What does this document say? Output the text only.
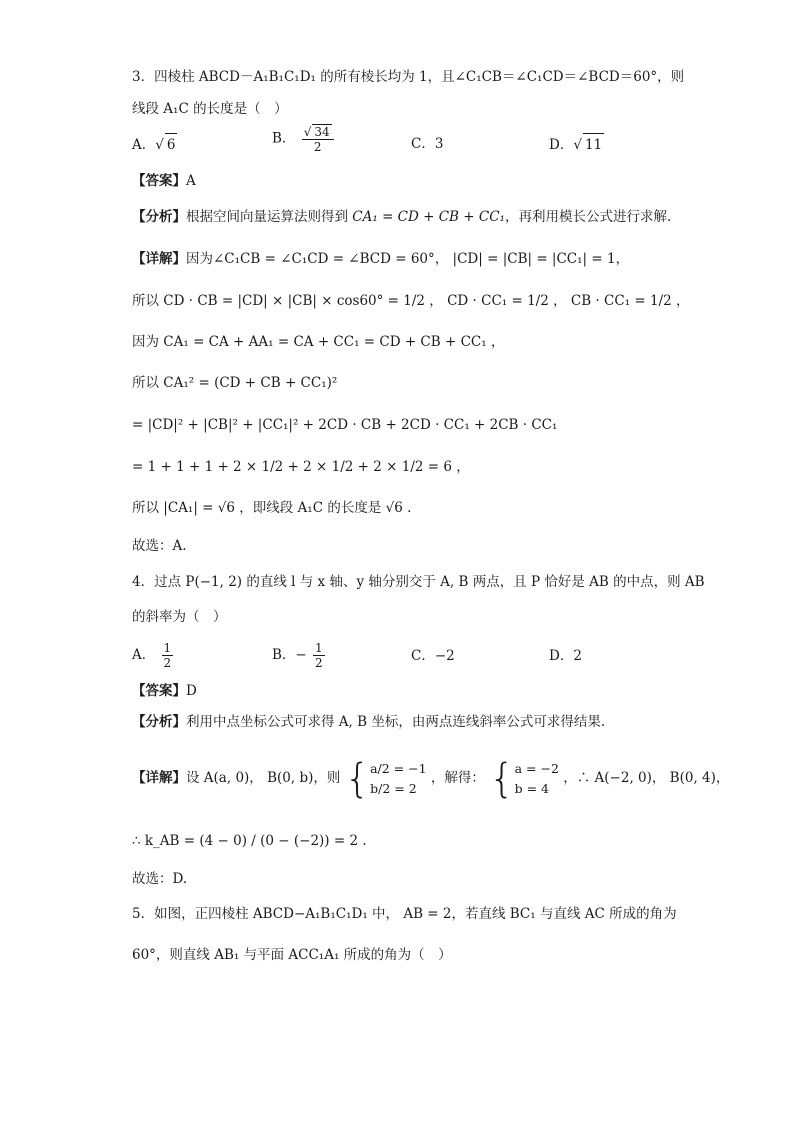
3．四棱柱 ABCD－A₁B₁C₁D₁ 的所有棱长均为 1，且∠C₁CB＝∠C₁CD＝∠BCD＝60°，则
线段 A₁C 的长度是（　）
A．√ 6	B． $\frac{√ 34}{2}$	C．3	D．√ 11
【答案】A
【分析】根据空间向量运算法则得到 CA₁ = CD + CB + CC₁，再利用模长公式进行求解.
【详解】因为∠C₁CB = ∠C₁CD = ∠BCD = 60°， |CD| = |CB| = |CC₁| = 1，
所以 CD · CB = |CD| × |CB| × cos60° = 1/2 ， CD · CC₁ = 1/2 ， CB · CC₁ = 1/2 ，
因为 CA₁ = CA + AA₁ = CA + CC₁ = CD + CB + CC₁ ，
所以 CA₁² = (CD + CB + CC₁)²
= |CD|² + |CB|² + |CC₁|² + 2CD · CB + 2CD · CC₁ + 2CB · CC₁
= 1 + 1 + 1 + 2 × 1/2 + 2 × 1/2 + 2 × 1/2 = 6 ，
所以 |CA₁| = √6 ，即线段 A₁C 的长度是 √6 .
故选：A.
4．过点 P(−1, 2) 的直线 l 与 x 轴、y 轴分别交于 A, B 两点，且 P 恰好是 AB 的中点，则 AB
的斜率为（　）
A． $\frac{1}{2}$	B．− $\frac{1}{2}$	C．−2	D．2
【答案】D
【分析】利用中点坐标公式可求得 A, B 坐标，由两点连线斜率公式可求得结果.
【详解】设 A(a, 0)， B(0, b)，则 { a/2 = −1
b/2 = 2
，解得： { a = −2
b = 4
，∴ A(−2, 0)， B(0, 4)，
∴ k_AB = (4 − 0) / (0 − (−2)) = 2 .
故选：D.
5．如图，正四棱柱 ABCD−A₁B₁C₁D₁ 中， AB = 2，若直线 BC₁ 与直线 AC 所成的角为
60°，则直线 AB₁ 与平面 ACC₁A₁ 所成的角为（　）
